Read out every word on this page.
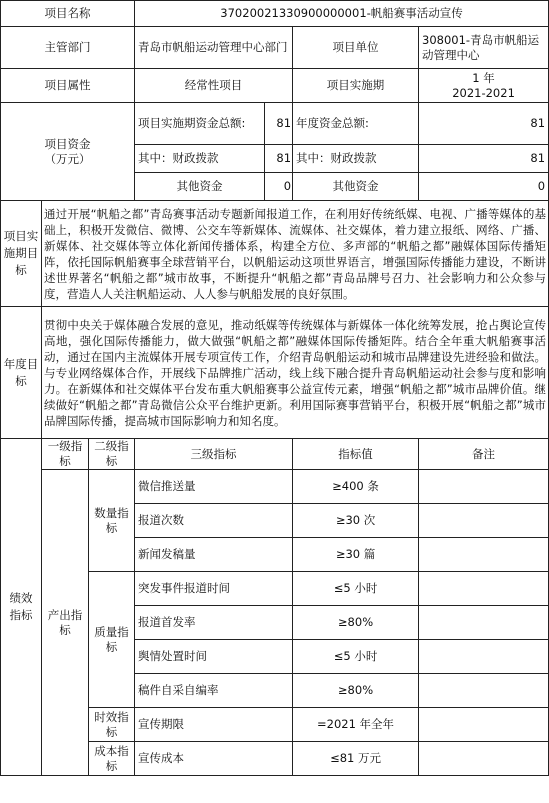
项目名称			37020021330900000001-帆船赛事活动宣传			
主管部门			青岛市帆船运动管理中心部门		项目单位	308001-青岛市帆船运动管理中心
项目属性			经常性项目		项目实施期	1 年
2021-2021

项目资金
（万元）			项目实施期资金总额:	81	年度资金总额:	81
			其中：财政拨款	81	其中：财政拨款	81
			其他资金	0	其他资金	0
项目实施期目标	通过开展“帆船之都”青岛赛事活动专题新闻报道工作，在利用好传统纸媒、电视、广播等媒体的基础上，积极开发微信、微博、公交车等新媒体、流媒体、社交媒体，着力建立报纸、网络、广播、新媒体、社交媒体等立体化新闻传播体系，构建全方位、多声部的“帆船之都”融媒体国际传播矩阵，依托国际帆船赛事全球营销平台，以帆船运动这项世界语言，增强国际传播能力建设，不断讲述世界著名“帆船之都”城市故事，不断提升“帆船之都”青岛品牌号召力、社会影响力和公众参与度，营造人人关注帆船运动、人人参与帆船发展的良好氛围。					
年度目标	贯彻中央关于媒体融合发展的意见，推动纸媒等传统媒体与新媒体一体化统筹发展，抢占舆论宣传高地，强化国际传播能力，做大做强“帆船之都”融媒体国际传播矩阵。结合全年重大帆船赛事活动，通过在国内主流媒体开展专项宣传工作，介绍青岛帆船运动和城市品牌建设先进经验和做法。与专业网络媒体合作，开展线下品牌推广活动，线上线下融合提升青岛帆船运动社会参与度和影响力。在新媒体和社交媒体平台发布重大帆船赛事公益宣传元素，增强“帆船之都”城市品牌价值。继续做好“帆船之都”青岛微信公众平台维护更新。利用国际赛事营销平台，积极开展“帆船之都”城市品牌国际传播，提高城市国际影响力和知名度。					
绩效指标	一级指标	二级指标	三级指标		指标值	备注
	产出指标	数量指标	微信推送量		≥400 条	
			报道次数		≥30 次	
			新闻发稿量		≥30 篇	
		质量指标	突发事件报道时间		≤5 小时	
			报道首发率		≥80%	
			舆情处置时间		≤5 小时	
			稿件自采自编率		≥80%	
		时效指标	宣传期限		=2021 年全年	
		成本指标	宣传成本		≤81 万元	
